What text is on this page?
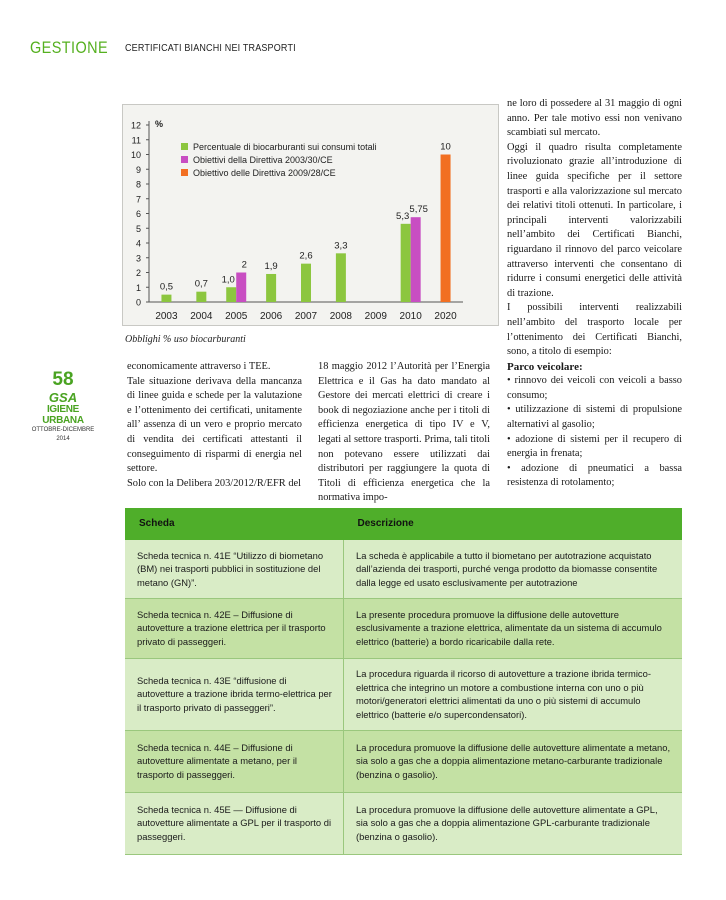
GESTIONE CERTIFICATI BIANCHI NEI TRASPORTI
0
1
2
3
4
5
6
7
8
9
10
11
12 %
2003 2004 2005 2006 2007 2008 2009 2010 2020
0,5 0,7 1,0
2 1,9
2,6
3,3
5,3
5,75
10
Percentuale di biocarburanti sui consumi totali
Obiettivi della Direttiva 2003/30/CE
Obiettivo delle Direttiva 2009/28/CE
Obblighi % uso biocarburanti
58
GSA
IGIENE URBANA
OTTOBRE-DICEMBRE 2014

economicamente attraverso i TEE.

Tale situazione derivava della mancanza di linee guida e schede per la valutazione e l’ottenimento dei certificati, unitamente all’ assenza di un vero e proprio mercato di vendita dei certificati attestanti il conseguimento di risparmi di energia nel settore.

Solo con la Delibera 203/2012/R/EFR del

18 maggio 2012 l’Autorità per l’Energia Elettrica e il Gas ha dato mandato al Gestore dei mercati elettrici di creare i book di negoziazione anche per i titoli di efficienza energetica di tipo IV e V, legati al settore trasporti. Prima, tali titoli non potevano essere utilizzati dai distributori per raggiungere la quota di Titoli di efficienza energetica che la normativa impo-

ne loro di possedere al 31 maggio di ogni anno. Per tale motivo essi non venivano scambiati sul mercato.

Oggi il quadro risulta completamente rivoluzionato grazie all’introduzione di linee guida specifiche per il settore trasporti e alla valorizzazione sul mercato dei relativi titoli ottenuti. In particolare, i principali interventi valorizzabili nell’ambito dei Certificati Bianchi, riguardano il rinnovo del parco veicolare attraverso interventi che consentano di ridurre i consumi energetici delle attività di trazione.

I possibili interventi realizzabili nell’ambito del trasporto locale per l’ottenimento dei Certificati Bianchi, sono, a titolo di esempio:

Parco veicolare:

• rinnovo dei veicoli con veicoli a basso consumo;

• utilizzazione di sistemi di propulsione alternativi al gasolio;

• adozione di sistemi per il recupero di energia in frenata;

• adozione di pneumatici a bassa resistenza di rotolamento;

Scheda	Descrizione
Scheda tecnica n. 41E “Utilizzo di biometano (BM) nei trasporti pubblici in sostituzione del metano (GN)”.	La scheda è applicabile a tutto il biometano per autotrazione acquistato dall’azienda dei trasporti, purché venga prodotto da biomasse consentite dalla legge ed usato esclusivamente per autotrazione
Scheda tecnica n. 42E – Diffusione di autovetture a trazione elettrica per il trasporto privato di passeggeri.	La presente procedura promuove la diffusione delle autovetture esclusivamente a trazione elettrica, alimentate da un sistema di accumulo elettrico (batterie) a bordo ricaricabile dalla rete.
Scheda tecnica n. 43E “diffusione di autovetture a trazione ibrida termo-elettrica per il trasporto privato di passeggeri”.	La procedura riguarda il ricorso di autovetture a trazione ibrida termico-elettrica che integrino un motore a combustione interna con uno o più motori/generatori elettrici alimentati da uno o più sistemi di accumulo elettrico (batterie e/o supercondensatori).
Scheda tecnica n. 44E – Diffusione di autovetture alimentate a metano, per il trasporto di passeggeri.	La procedura promuove la diffusione delle autovetture alimentate a metano, sia solo a gas che a doppia alimentazione metano-carburante tradizionale (benzina o gasolio).
Scheda tecnica n. 45E — Diffusione di autovetture alimentate a GPL per il trasporto di passeggeri.	La procedura promuove la diffusione delle autovetture alimentate a GPL, sia solo a gas che a doppia alimentazione GPL-carburante tradizionale (benzina o gasolio).
